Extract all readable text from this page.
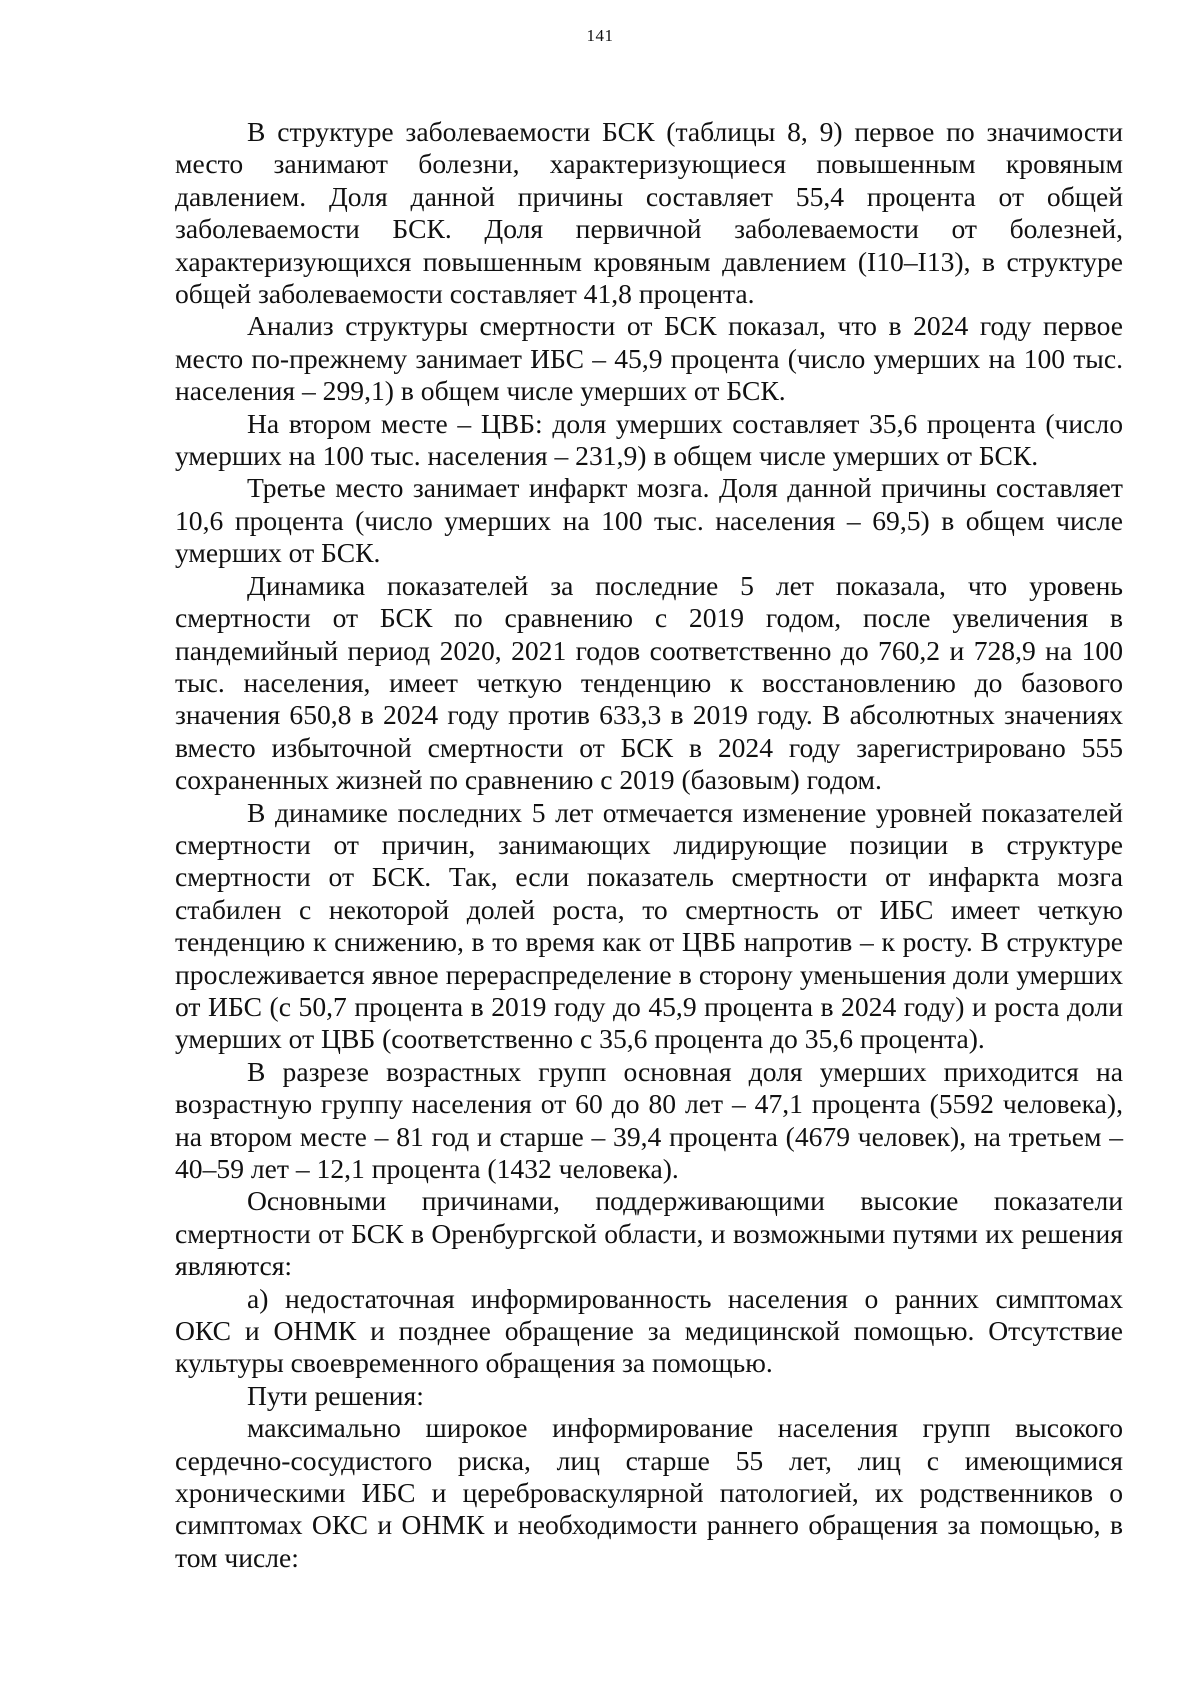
141

В структуре заболеваемости БСК (таблицы 8, 9) первое по значимости место занимают болезни, характеризующиеся повышенным кровяным давлением. Доля данной причины составляет 55,4 процента от общей заболеваемости БСК. Доля первичной заболеваемости от болезней, характеризующихся повышенным кровяным давлением (I10–I13), в структуре общей заболеваемости составляет 41,8 процента.

Анализ структуры смертности от БСК показал, что в 2024 году первое место по-прежнему занимает ИБС – 45,9 процента (число умерших на 100 тыс. населения – 299,1) в общем числе умерших от БСК.

На втором месте – ЦВБ: доля умерших составляет 35,6 процента (число умерших на 100 тыс. населения – 231,9) в общем числе умерших от БСК.

Третье место занимает инфаркт мозга. Доля данной причины составляет 10,6 процента (число умерших на 100 тыс. населения – 69,5) в общем числе умерших от БСК.

Динамика показателей за последние 5 лет показала, что уровень смертности от БСК по сравнению с 2019 годом, после увеличения в пандемийный период 2020, 2021 годов соответственно до 760,2 и 728,9 на 100 тыс. населения, имеет четкую тенденцию к восстановлению до базового значения 650,8 в 2024 году против 633,3 в 2019 году. В абсолютных значениях вместо избыточной смертности от БСК в 2024 году зарегистрировано 555 сохраненных жизней по сравнению с 2019 (базовым) годом.

В динамике последних 5 лет отмечается изменение уровней показателей смертности от причин, занимающих лидирующие позиции в структуре смертности от БСК. Так, если показатель смертности от инфаркта мозга стабилен с некоторой долей роста, то смертность от ИБС имеет четкую тенденцию к снижению, в то время как от ЦВБ напротив – к росту. В структуре прослеживается явное перераспределение в сторону уменьшения доли умерших от ИБС (с 50,7 процента в 2019 году до 45,9 процента в 2024 году) и роста доли умерших от ЦВБ (соответственно с 35,6 процента до 35,6 процента).

В разрезе возрастных групп основная доля умерших приходится на возрастную группу населения от 60 до 80 лет – 47,1 процента (5592 человека), на втором месте – 81 год и старше – 39,4 процента (4679 человек), на третьем – 40–59 лет – 12,1 процента (1432 человека).

Основными причинами, поддерживающими высокие показатели смертности от БСК в Оренбургской области, и возможными путями их решения являются:

а) недостаточная информированность населения о ранних симптомах ОКС и ОНМК и позднее обращение за медицинской помощью. Отсутствие культуры своевременного обращения за помощью.

Пути решения:

максимально широкое информирование населения групп высокого сердечно-сосудистого риска, лиц старше 55 лет, лиц с имеющимися хроническими ИБС и цереброваскулярной патологией, их родственников о симптомах ОКС и ОНМК и необходимости раннего обращения за помощью, в том числе:
